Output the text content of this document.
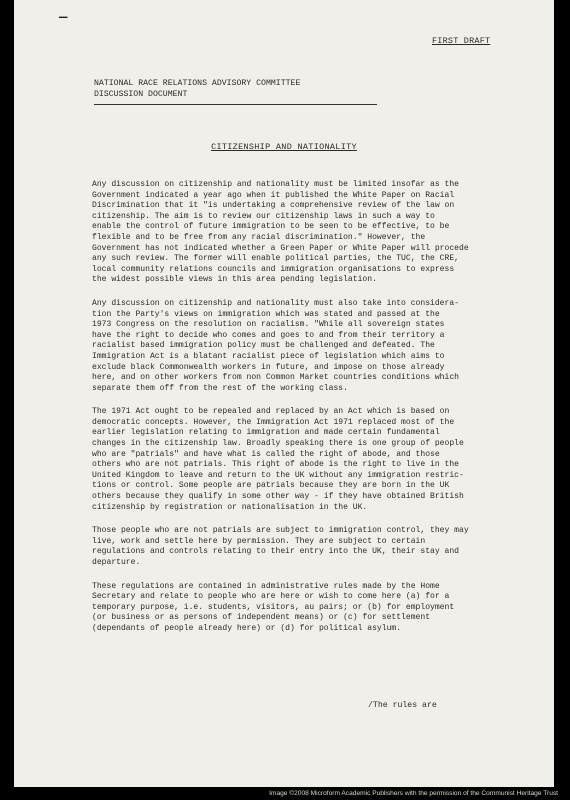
—
FIRST DRAFT
NATIONAL RACE RELATIONS ADVISORY COMMITTEE
DISCUSSION DOCUMENT
CITIZENSHIP AND NATIONALITY

Any discussion on citizenship and nationality must be limited insofar as the
Government indicated a year ago when it published the White Paper on Racial
Discrimination that it "is undertaking a comprehensive review of the law on
citizenship. The aim is to review our citizenship laws in such a way to
enable the control of future immigration to be seen to be effective, to be
flexible and to be free from any racial discrimination." However, the
Government has not indicated whether a Green Paper or White Paper will procede
any such review. The former will enable political parties, the TUC, the CRE,
local community relations councils and immigration organisations to express
the widest possible views in this area pending legislation.

Any discussion on citizenship and nationality must also take into considera-
tion the Party's views on immigration which was stated and passed at the
1973 Congress on the resolution on racialism. "While all sovereign states
have the right to decide who comes and goes to and from their territory a
racialist based immigration policy must be challenged and defeated. The
Immigration Act is a blatant racialist piece of legislation which aims to
exclude black Commonwealth workers in future, and impose on those already
here, and on other workers from non Common Market countries conditions which
separate them off from the rest of the working class.

The 1971 Act ought to be repealed and replaced by an Act which is based on
democratic concepts. However, the Immigration Act 1971 replaced most of the
earlier legislation relating to immigration and made certain fundamental
changes in the citizenship law. Broadly speaking there is one group of people
who are "patrials" and have what is called the right of abode, and those
others who are not patrials. This right of abode is the right to live in the
United Kingdom to leave and return to the UK without any immigration restric-
tions or control. Some people are patrials because they are born in the UK
others because they qualify in some other way - if they have obtained British
citizenship by registration or nationalisation in the UK.

Those people who are not patrials are subject to immigration control, they may
live, work and settle here by permission. They are subject to certain
regulations and controls relating to their entry into the UK, their stay and
departure.

These regulations are contained in administrative rules made by the Home
Secretary and relate to people who are here or wish to come here (a) for a
temporary purpose, i.e. students, visitors, au pairs; or (b) for employment
(or business or as persons of independent means) or (c) for settlement
(dependants of people already here) or (d) for political asylum.

/The rules are
Image ©2008 Microform Academic Publishers with the permission of the Communist Heritage Trust
